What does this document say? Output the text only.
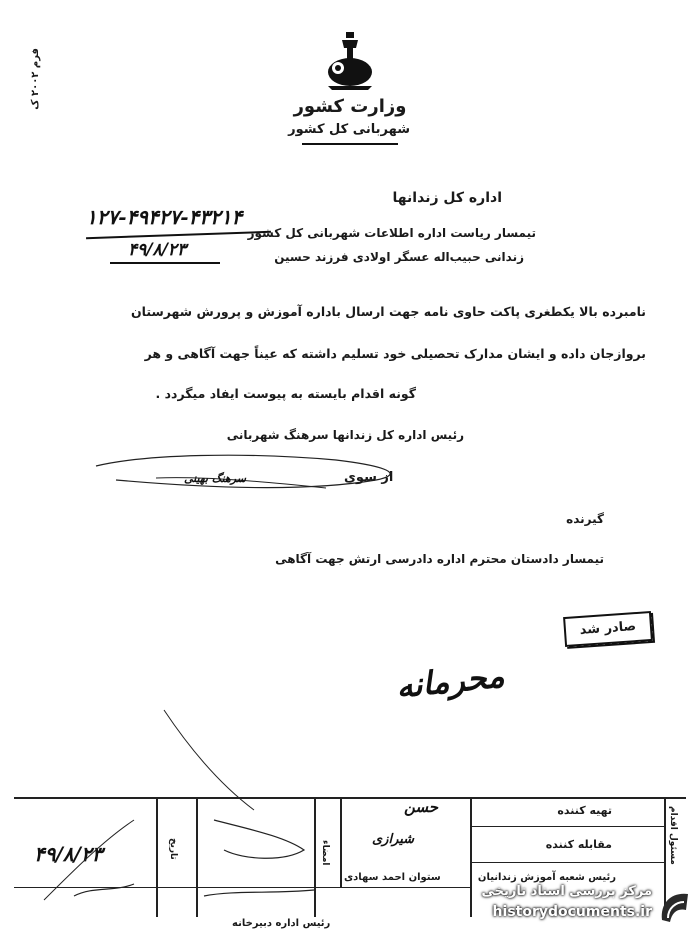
فرم ۲۰۰۲ ک
وزارت کشور
شهربانی کل کشور
اداره کل زندانها
تیمسار ریاست اداره اطلاعات شهربانی کل کشور
زندانی حبیب‌اله عسگر اولادی فرزند حسین
۱۲۷-۴۹۴۲۷-۴۳۲۱۴
۴۹/۸/۲۳
نامبرده بالا یکطغری پاکت حاوی نامه جهت ارسال باداره آموزش و پرورش شهرستان
بروازجان داده و ایشان مدارک تحصیلی خود تسلیم داشته که عیناً جهت آگاهی و هر
گونه اقدام بایسته به پیوست ایفاد میگردد .
رئیس اداره کل زندانها سرهنگ شهربانی
از سوی
سرهنگ بهینی
گیرنده
تیمسار دادستان محترم اداره دادرسی ارتش جهت آگاهی
صادر شد
محرمانه
مسئول اقدام
تهیه کننده
مقابله کننده
رئیس شعبه آموزش زندانیان
تاریخ	امضاء
۴۹/۸/۲۳
حسن
شیرازی
ستوان احمد سهادی
رئیس اداره دبیرخانه
مرکز بررسی اسناد تاریخی
historydocuments.ir
